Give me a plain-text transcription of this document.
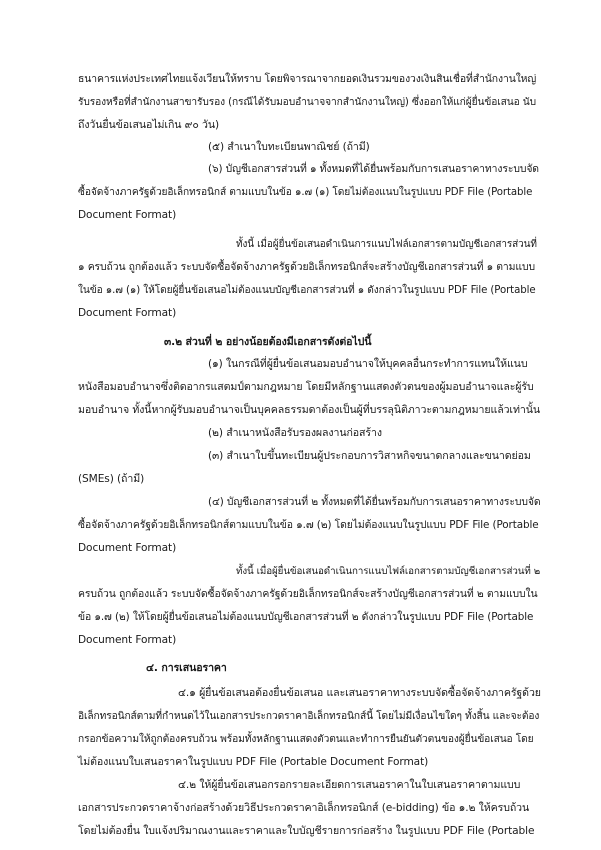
ธนาคารแห่งประเทศไทยแจ้งเวียนให้ทราบ โดยพิจารณาจากยอดเงินรวมของวงเงินสินเชื่อที่สำนักงานใหญ่
รับรองหรือที่สำนักงานสาขารับรอง (กรณีได้รับมอบอำนาจจากสำนักงานใหญ่) ซึ่งออกให้แก่ผู้ยื่นข้อเสนอ นับ
ถึงวันยื่นข้อเสนอไม่เกิน ๙๐ วัน)
(๕) สำเนาใบทะเบียนพาณิชย์ (ถ้ามี)
(๖) บัญชีเอกสารส่วนที่ ๑ ทั้งหมดที่ได้ยื่นพร้อมกับการเสนอราคาทางระบบจัด
ซื้อจัดจ้างภาครัฐด้วยอิเล็กทรอนิกส์ ตามแบบในข้อ ๑.๗ (๑) โดยไม่ต้องแนบในรูปแบบ PDF File (Portable
Document Format)
ทั้งนี้ เมื่อผู้ยื่นข้อเสนอดำเนินการแนบไฟล์เอกสารตามบัญชีเอกสารส่วนที่
๑ ครบถ้วน ถูกต้องแล้ว ระบบจัดซื้อจัดจ้างภาครัฐด้วยอิเล็กทรอนิกส์จะสร้างบัญชีเอกสารส่วนที่ ๑ ตามแบบ
ในข้อ ๑.๗ (๑) ให้โดยผู้ยื่นข้อเสนอไม่ต้องแนบบัญชีเอกสารส่วนที่ ๑ ดังกล่าวในรูปแบบ PDF File (Portable
Document Format)
๓.๒ ส่วนที่ ๒ อย่างน้อยต้องมีเอกสารดังต่อไปนี้
(๑) ในกรณีที่ผู้ยื่นข้อเสนอมอบอำนาจให้บุคคลอื่นกระทำการแทนให้แนบ
หนังสือมอบอำนาจซึ่งติดอากรแสตมป์ตามกฎหมาย โดยมีหลักฐานแสดงตัวตนของผู้มอบอำนาจและผู้รับ
มอบอำนาจ ทั้งนี้หากผู้รับมอบอำนาจเป็นบุคคลธรรมดาต้องเป็นผู้ที่บรรลุนิติภาวะตามกฎหมายแล้วเท่านั้น
(๒) สำเนาหนังสือรับรองผลงานก่อสร้าง
(๓) สำเนาใบขึ้นทะเบียนผู้ประกอบการวิสาหกิจขนาดกลางและขนาดย่อม
(SMEs) (ถ้ามี)
(๔) บัญชีเอกสารส่วนที่ ๒ ทั้งหมดที่ได้ยื่นพร้อมกับการเสนอราคาทางระบบจัด
ซื้อจัดจ้างภาครัฐด้วยอิเล็กทรอนิกส์ตามแบบในข้อ ๑.๗ (๒) โดยไม่ต้องแนบในรูปแบบ PDF File (Portable
Document Format)
ทั้งนี้ เมื่อผู้ยื่นข้อเสนอดำเนินการแนบไฟล์เอกสารตามบัญชีเอกสารส่วนที่ ๒
ครบถ้วน ถูกต้องแล้ว ระบบจัดซื้อจัดจ้างภาครัฐด้วยอิเล็กทรอนิกส์จะสร้างบัญชีเอกสารส่วนที่ ๒ ตามแบบใน
ข้อ ๑.๗ (๒) ให้โดยผู้ยื่นข้อเสนอไม่ต้องแนบบัญชีเอกสารส่วนที่ ๒ ดังกล่าวในรูปแบบ PDF File (Portable
Document Format)
๔. การเสนอราคา
๔.๑ ผู้ยื่นข้อเสนอต้องยื่นข้อเสนอ และเสนอราคาทางระบบจัดซื้อจัดจ้างภาครัฐด้วย
อิเล็กทรอนิกส์ตามที่กำหนดไว้ในเอกสารประกวดราคาอิเล็กทรอนิกส์นี้ โดยไม่มีเงื่อนไขใดๆ ทั้งสิ้น และจะต้อง
กรอกข้อความให้ถูกต้องครบถ้วน พร้อมทั้งหลักฐานแสดงตัวตนและทำการยืนยันตัวตนของผู้ยื่นข้อเสนอ โดย
ไม่ต้องแนบใบเสนอราคาในรูปแบบ PDF File (Portable Document Format)
๔.๒ ให้ผู้ยื่นข้อเสนอกรอกรายละเอียดการเสนอราคาในใบเสนอราคาตามแบบ
เอกสารประกวดราคาจ้างก่อสร้างด้วยวิธีประกวดราคาอิเล็กทรอนิกส์ (e-bidding) ข้อ ๑.๒ ให้ครบถ้วน
โดยไม่ต้องยื่น ใบแจ้งปริมาณงานและราคาและใบบัญชีรายการก่อสร้าง ในรูปแบบ PDF File (Portable
